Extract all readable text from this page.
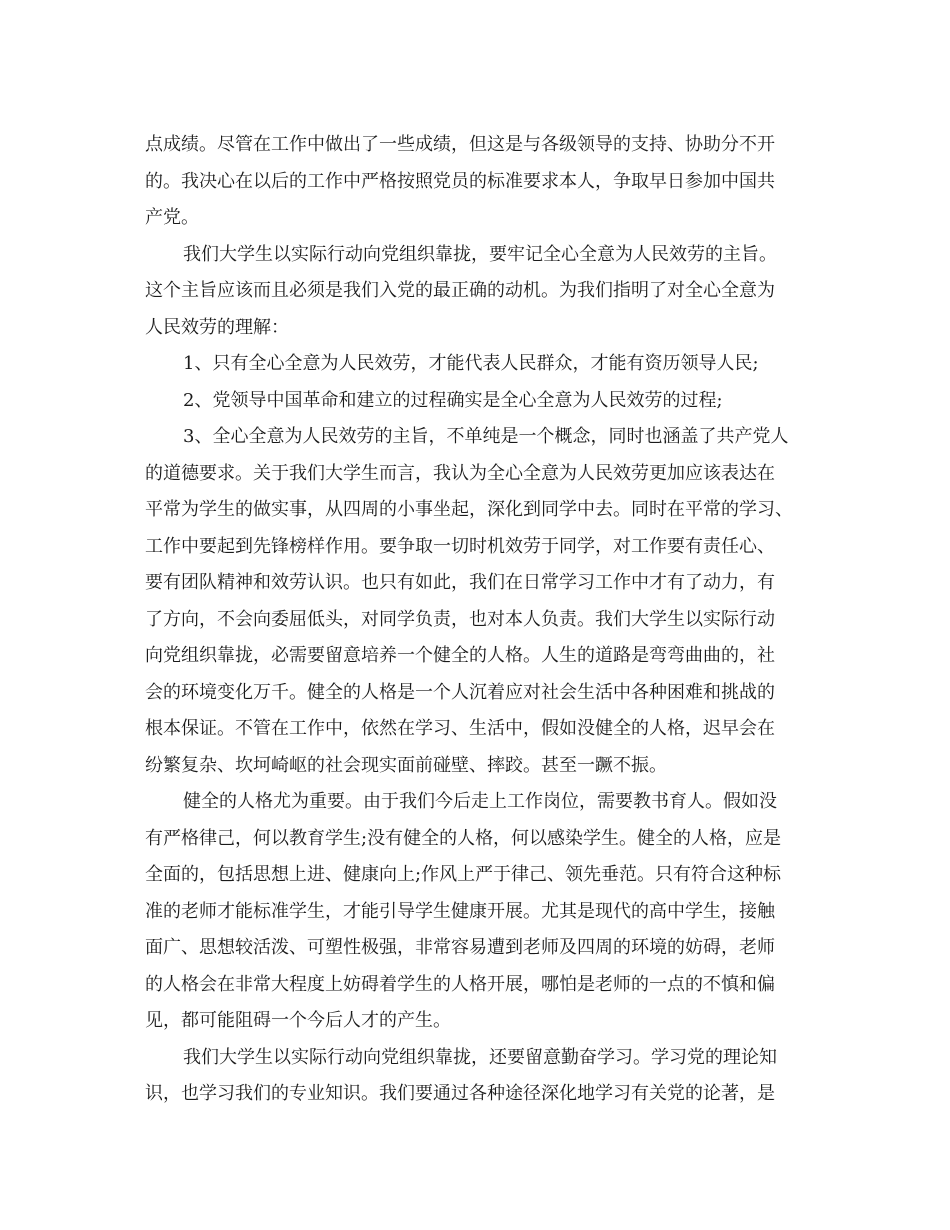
点成绩。尽管在工作中做出了一些成绩，但这是与各级领导的支持、协助分不开
的。我决心在以后的工作中严格按照党员的标准要求本人，争取早日参加中国共
产党。
我们大学生以实际行动向党组织靠拢，要牢记全心全意为人民效劳的主旨。
这个主旨应该而且必须是我们入党的最正确的动机。为我们指明了对全心全意为
人民效劳的理解：
1、只有全心全意为人民效劳，才能代表人民群众，才能有资历领导人民;
2、党领导中国革命和建立的过程确实是全心全意为人民效劳的过程;
3、全心全意为人民效劳的主旨，不单纯是一个概念，同时也涵盖了共产党人
的道德要求。关于我们大学生而言，我认为全心全意为人民效劳更加应该表达在
平常为学生的做实事，从四周的小事坐起，深化到同学中去。同时在平常的学习、
工作中要起到先锋榜样作用。要争取一切时机效劳于同学，对工作要有责任心、
要有团队精神和效劳认识。也只有如此，我们在日常学习工作中才有了动力，有
了方向，不会向委屈低头，对同学负责，也对本人负责。我们大学生以实际行动
向党组织靠拢，必需要留意培养一个健全的人格。人生的道路是弯弯曲曲的，社
会的环境变化万千。健全的人格是一个人沉着应对社会生活中各种困难和挑战的
根本保证。不管在工作中，依然在学习、生活中，假如没健全的人格，迟早会在
纷繁复杂、坎坷崎岖的社会现实面前碰壁、摔跤。甚至一蹶不振。
健全的人格尤为重要。由于我们今后走上工作岗位，需要教书育人。假如没
有严格律己，何以教育学生;没有健全的人格，何以感染学生。健全的人格，应是
全面的，包括思想上进、健康向上;作风上严于律己、领先垂范。只有符合这种标
准的老师才能标准学生，才能引导学生健康开展。尤其是现代的高中学生，接触
面广、思想较活泼、可塑性极强，非常容易遭到老师及四周的环境的妨碍，老师
的人格会在非常大程度上妨碍着学生的人格开展，哪怕是老师的一点的不慎和偏
见，都可能阻碍一个今后人才的产生。
我们大学生以实际行动向党组织靠拢，还要留意勤奋学习。学习党的理论知
识，也学习我们的专业知识。我们要通过各种途径深化地学习有关党的论著，是
